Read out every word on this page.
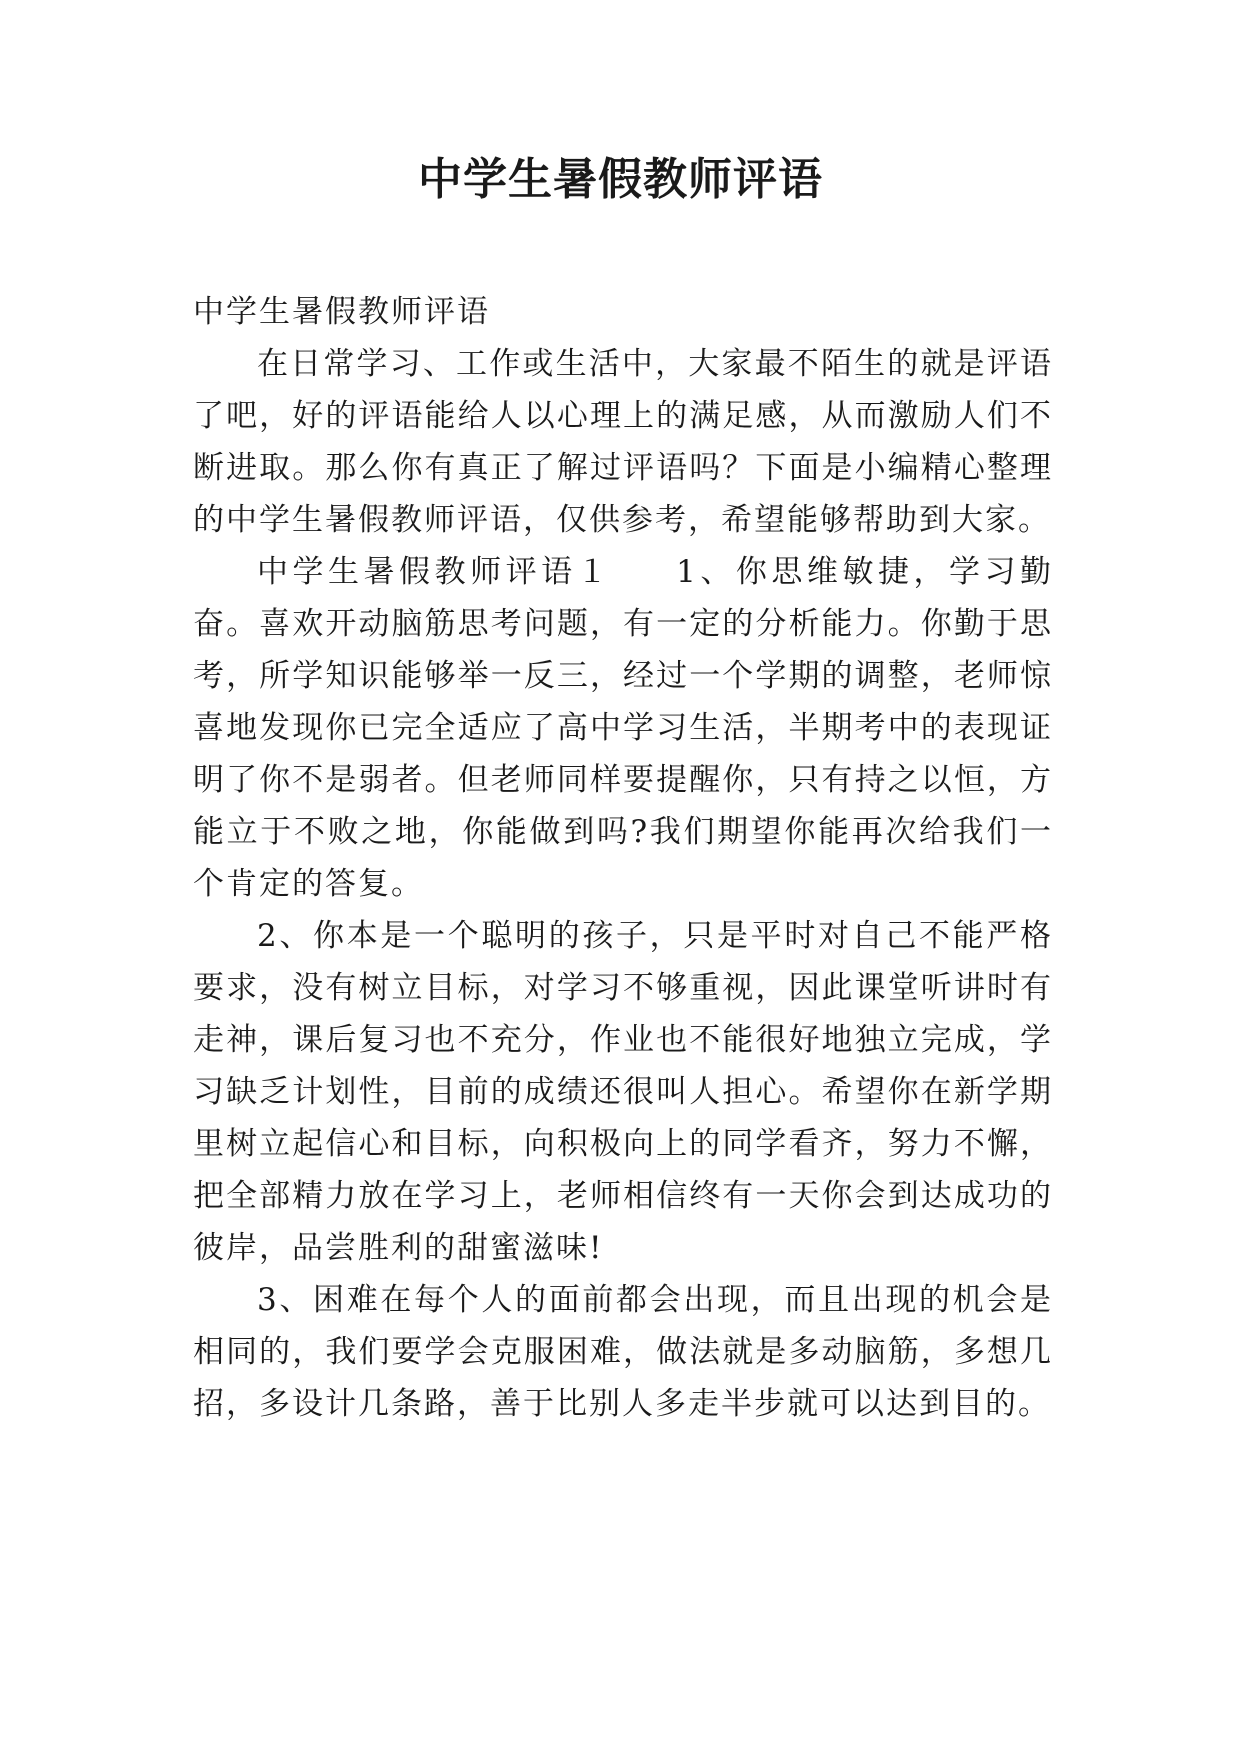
中学生暑假教师评语

中学生暑假教师评语

在日常学习、工作或生活中，大家最不陌生的就是评语了吧，好的评语能给人以心理上的满足感，从而激励人们不断进取。那么你有真正了解过评语吗？下面是小编精心整理的中学生暑假教师评语，仅供参考，希望能够帮助到大家。

中学生暑假教师评语１ 1、你思维敏捷，学习勤奋。喜欢开动脑筋思考问题，有一定的分析能力。你勤于思考，所学知识能够举一反三，经过一个学期的调整，老师惊喜地发现你已完全适应了高中学习生活，半期考中的表现证明了你不是弱者。但老师同样要提醒你，只有持之以恒，方能立于不败之地，你能做到吗?我们期望你能再次给我们一个肯定的答复。

2、你本是一个聪明的孩子，只是平时对自己不能严格要求，没有树立目标，对学习不够重视，因此课堂听讲时有走神，课后复习也不充分，作业也不能很好地独立完成，学习缺乏计划性，目前的成绩还很叫人担心。希望你在新学期里树立起信心和目标，向积极向上的同学看齐，努力不懈，把全部精力放在学习上，老师相信终有一天你会到达成功的彼岸，品尝胜利的甜蜜滋味!

3、困难在每个人的面前都会出现，而且出现的机会是相同的，我们要学会克服困难，做法就是多动脑筋，多想几招，多设计几条路，善于比别人多走半步就可以达到目的。
